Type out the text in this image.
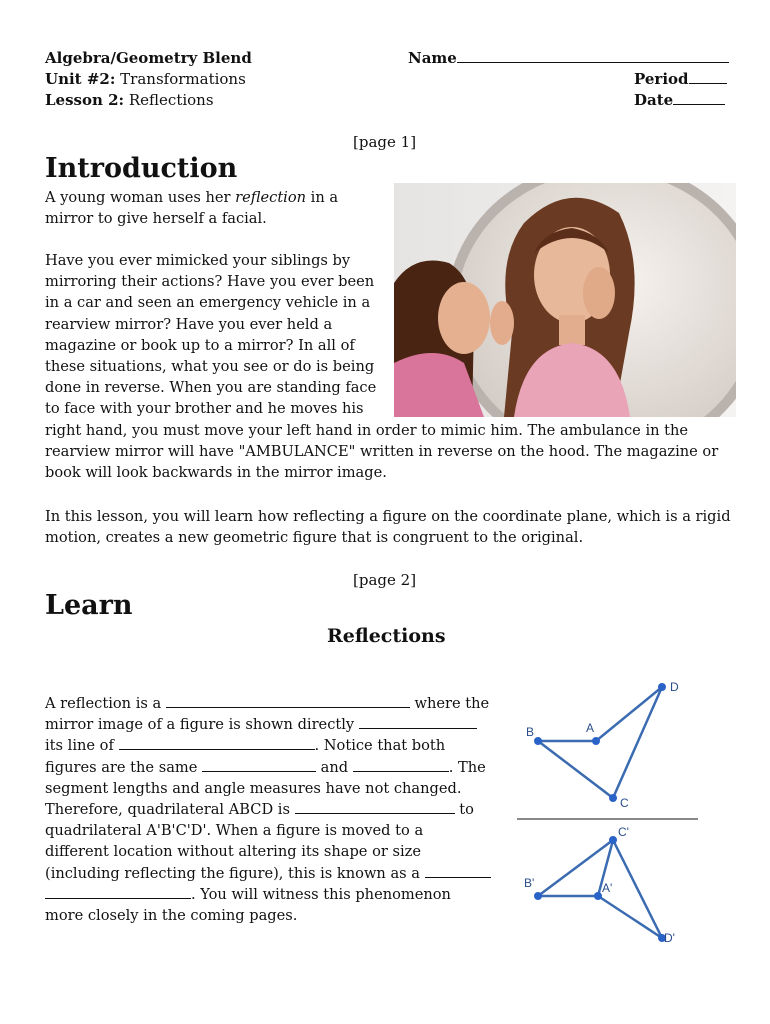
Algebra/Geometry Blend
Unit #2: Transformations
Lesson 2: Reflections
Name
Period
Date
[page 1]
Introduction

A young woman uses her reflection in a mirror to give herself a facial.

Have you ever mimicked your siblings by mirroring their actions? Have you ever been in a car and seen an emergency vehicle in a rearview mirror? Have you ever held a magazine or book up to a mirror? In all of these situations, what you see or do is being done in reverse. When you are standing face to face with your brother and he moves his
right hand, you must move your left hand in order to mimic him. The ambulance in the rearview mirror will have "AMBULANCE" written in reverse on the hood. The magazine or book will look backwards in the mirror image.
In this lesson, you will learn how reflecting a figure on the coordinate plane, which is a rigid motion, creates a new geometric figure that is congruent to the original.
[page 2]
Learn
Reflections

A reflection is a	where the

mirror image of a figure is shown directly

its line of	. Notice that both

figures are the same	and	. The

segment lengths and angle measures have not changed.

Therefore, quadrilateral ABCD is	to

quadrilateral A'B'C'D'. When a figure is moved to a

different location without altering its shape or size

(including reflecting the figure), this is known as a

. You will witness this phenomenon

more closely in the coming pages.

A
B
C
D
A'
B'
C'
D'
